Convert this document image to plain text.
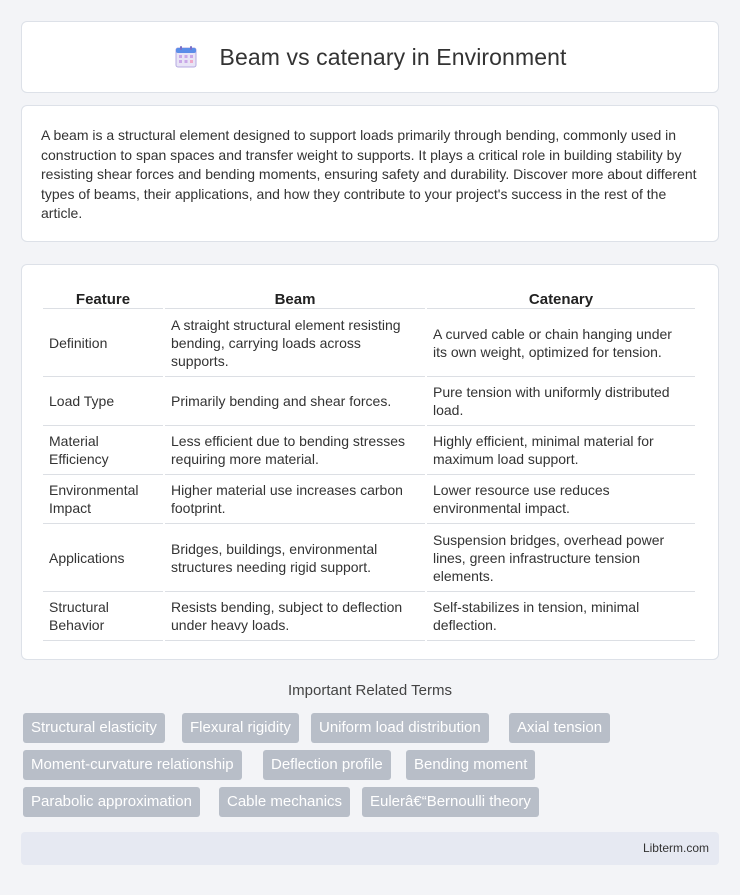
Beam vs catenary in Environment

A beam is a structural element designed to support loads primarily through bending, commonly used in construction to span spaces and transfer weight to supports. It plays a critical role in building stability by resisting shear forces and bending moments, ensuring safety and durability. Discover more about different types of beams, their applications, and how they contribute to your project's success in the rest of the article.

Feature	Beam	Catenary
Definition	A straight structural element resisting bending, carrying loads across supports.	A curved cable or chain hanging under its own weight, optimized for tension.
Load Type	Primarily bending and shear forces.	Pure tension with uniformly distributed load.
Material Efficiency	Less efficient due to bending stresses requiring more material.	Highly efficient, minimal material for maximum load support.
Environmental Impact	Higher material use increases carbon footprint.	Lower resource use reduces environmental impact.
Applications	Bridges, buildings, environmental structures needing rigid support.	Suspension bridges, overhead power lines, green infrastructure tension elements.
Structural Behavior	Resists bending, subject to deflection under heavy loads.	Self-stabilizes in tension, minimal deflection.
Important Related Terms
Structural elasticity	Flexural rigidity	Uniform load distribution	Axial tension
Moment-curvature relationship	Deflection profile	Bending moment
Parabolic approximation	Cable mechanics	Eulerâ€“Bernoulli theory
Libterm.com
